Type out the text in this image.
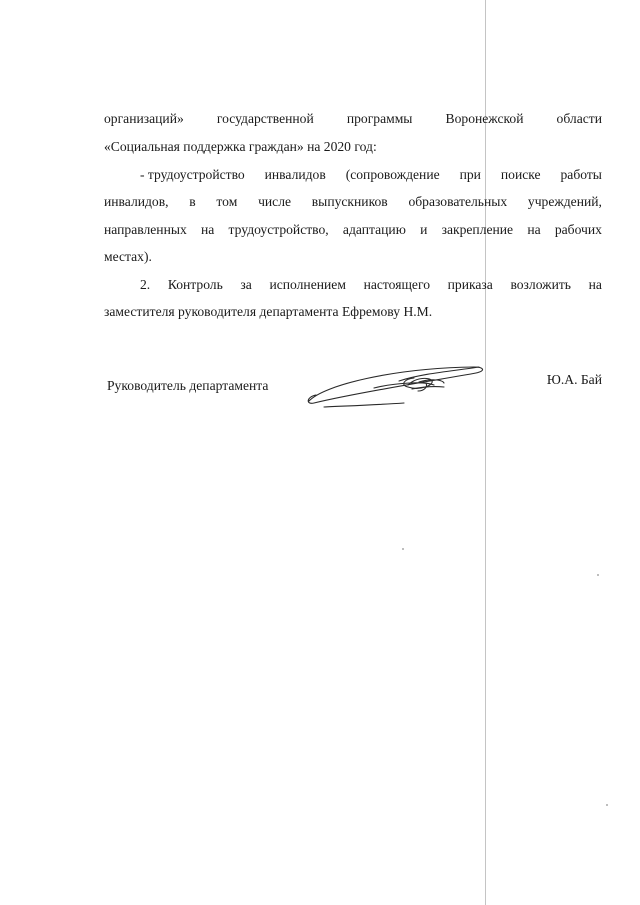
организаций» государственной программы Воронежской области
«Социальная поддержка граждан» на 2020 год:
- трудоустройство инвалидов (сопровождение при поиске работы
инвалидов, в том числе выпускников образовательных учреждений,
направленных на трудоустройство, адаптацию и закрепление на рабочих
местах).
2. Контроль за исполнением настоящего приказа возложить на
заместителя руководителя департамента Ефремову Н.М.
Руководитель департамента	Ю.А. Бай
